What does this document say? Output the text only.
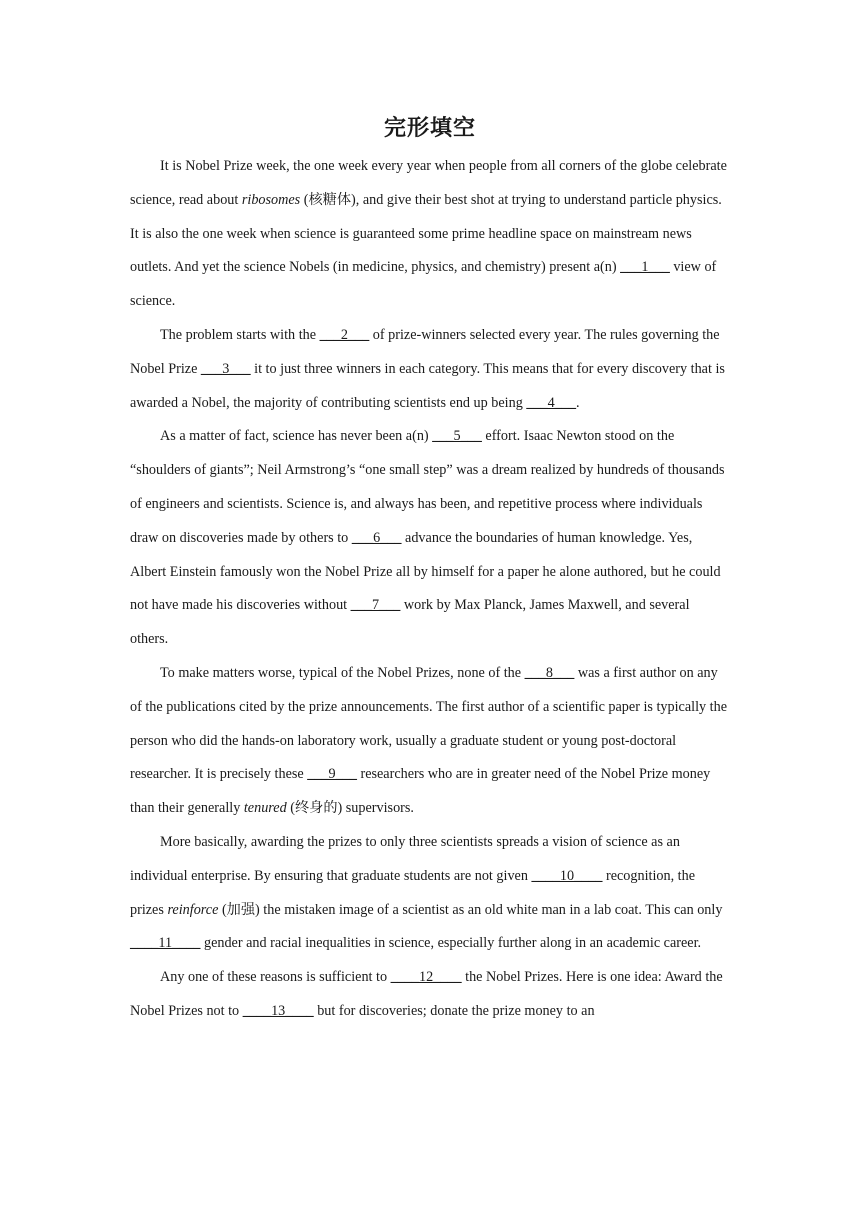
完形填空

It is Nobel Prize week, the one week every year when people from all corners of the globe celebrate science, read about ribosomes (核糖体), and give their best shot at trying to understand particle physics. It is also the one week when science is guaranteed some prime headline space on mainstream news outlets. And yet the science Nobels (in medicine, physics, and chemistry) present a(n) ___1___ view of science.

The problem starts with the ___2___ of prize-winners selected every year. The rules governing the Nobel Prize ___3___ it to just three winners in each category. This means that for every discovery that is awarded a Nobel, the majority of contributing scientists end up being ___4___.

As a matter of fact, science has never been a(n) ___5___ effort. Isaac Newton stood on the “shoulders of giants”; Neil Armstrong’s “one small step” was a dream realized by hundreds of thousands of engineers and scientists. Science is, and always has been, and repetitive process where individuals draw on discoveries made by others to ___6___ advance the boundaries of human knowledge. Yes, Albert Einstein famously won the Nobel Prize all by himself for a paper he alone authored, but he could not have made his discoveries without ___7___ work by Max Planck, James Maxwell, and several others.

To make matters worse, typical of the Nobel Prizes, none of the ___8___ was a first author on any of the publications cited by the prize announcements. The first author of a scientific paper is typically the person who did the hands-on laboratory work, usually a graduate student or young post-doctoral researcher. It is precisely these ___9___ researchers who are in greater need of the Nobel Prize money than their generally tenured (终身的) supervisors.

More basically, awarding the prizes to only three scientists spreads a vision of science as an individual enterprise. By ensuring that graduate students are not given ____10____ recognition, the prizes reinforce (加强) the mistaken image of a scientist as an old white man in a lab coat. This can only ____11____ gender and racial inequalities in science, especially further along in an academic career.

Any one of these reasons is sufficient to ____12____ the Nobel Prizes. Here is one idea: Award the Nobel Prizes not to ____13____ but for discoveries; donate the prize money to an
